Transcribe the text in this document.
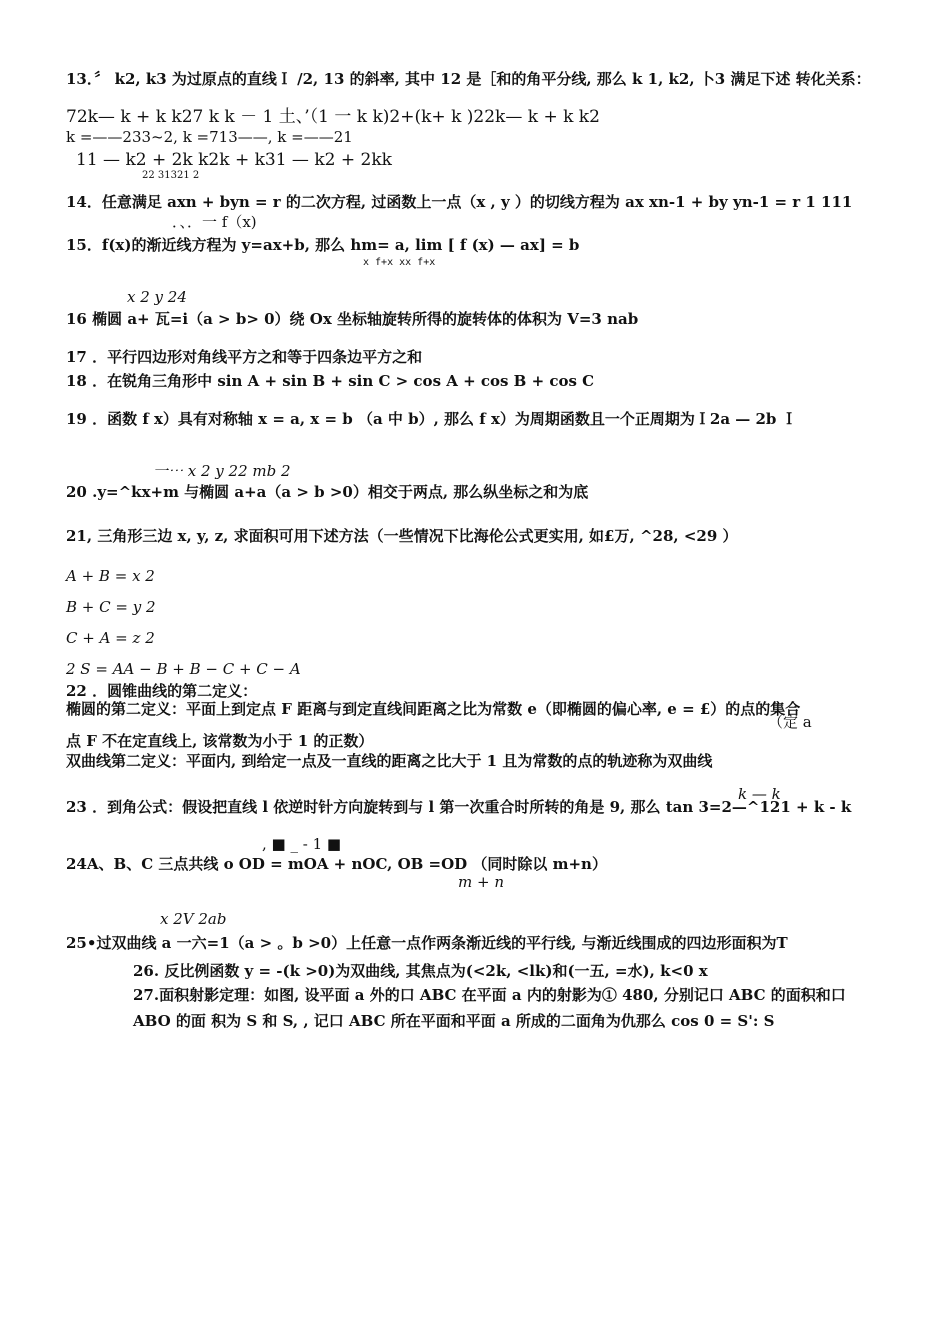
13．〞 k2, k3 为过原点的直线Ｉ /2, 13 的斜率, 其中 12 是［和的角平分线, 那么 k 1, k2, 卜3 满足下述 转化关系：
72k— k + k k27 k k － 1 土、’（1 一 k k)2+(k+ k )22k— k + k k2
k =——233~2, k =713——, k =——21
11 — k2 + 2k k2k + k31 — k2 + 2kk
22 31321 2
14．任意满足 axn + byn = r 的二次方程, 过函数上一点（x , y ）的切线方程为 ax xn-1 + by yn-1 = r 1 111
．、．一 f（x)
15．f(x)的渐近线方程为 y=ax+b, 那么 hm= a, lim [ f (x) — ax] = b
x f+x xx f+x
x 2 y 24
16 椭圆 a+ 瓦=i（a > b> 0）绕 Ox 坐标轴旋转所得的旋转体的体积为 V=3 nab
17 ．平行四边形对角线平方之和等于四条边平方之和
18 ．在锐角三角形中 sin A + sin B + sin C > cos A + cos B + cos C
19 ．函数 f x）具有对称轴 x = a, x = b （a 中 b）, 那么 f x）为周期函数且一个正周期为Ｉ2a — 2b Ｉ
一⋯ x 2 y 22 mb 2
20 .y=^kx+m 与椭圆 a+a（a > b >0）相交于两点, 那么纵坐标之和为底
21, 三角形三边 x, y, z, 求面积可用下述方法（一些情况下比海伦公式更实用, 如£万, ^28, <29 ）
A + B = x 2
B + C = y 2
C + A = z 2
2 S = AA − B + B − C + C − A
22 ．圆锥曲线的第二定义：
椭圆的第二定义：平面上到定点 F 距离与到定直线间距离之比为常数 e（即椭圆的偏心率, e = £）的点的集合
（定 a
点 F 不在定直线上, 该常数为小于 1 的正数）
双曲线第二定义：平面内, 到给定一点及一直线的距离之比大于 1 且为常数的点的轨迹称为双曲线
k — k
23 ．到角公式：假设把直线 l 依逆时针方向旋转到与 l 第一次重合时所转的角是 9, 那么 tan 3=2—^121 + k - k
, ■ _ - 1 ■
24A、B、C 三点共线 o OD = mOA + nOC, OB =OD （同时除以 m+n）
m + n
x 2V 2ab
25•过双曲线 a 一六=1（a > 。b >0）上任意一点作两条渐近线的平行线, 与渐近线围成的四边形面积为T
26. 反比例函数 y = -(k >0)为双曲线, 其焦点为(<2k, <lk)和(一五, =水), k<0 x
27.面积射影定理：如图, 设平面 a 外的口 ABC 在平面 a 内的射影为① 480, 分别记口 ABC 的面积和口
ABO 的面 积为 S 和 S, , 记口 ABC 所在平面和平面 a 所成的二面角为仇那么 cos 0 = S': S
